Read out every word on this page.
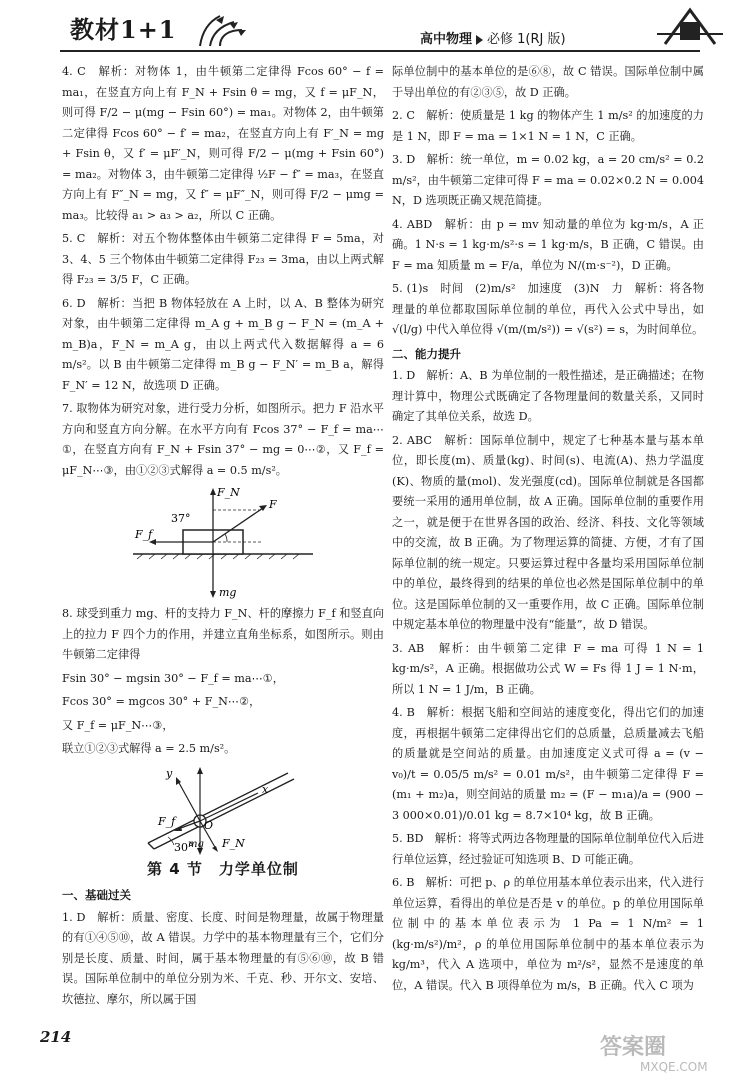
教材1+1	高中物理 必修 1(RJ 版)

4. C　解析：对物体 1，由牛顿第二定律得 Fcos 60° − f = ma₁，在竖直方向上有 F_N + Fsin θ = mg，又 f = μF_N，则可得 F/2 − μ(mg − Fsin 60°) = ma₁。对物体 2，由牛顿第二定律得 Fcos 60° − f′ = ma₂，在竖直方向上有 F′_N = mg + Fsin θ，又 f′ = μF′_N，则可得 F/2 − μ(mg + Fsin 60°) = ma₂。对物体 3，由牛顿第二定律得 ½F − f″ = ma₃，在竖直方向上有 F″_N = mg，又 f″ = μF″_N，则可得 F/2 − μmg = ma₃。比较得 a₁ > a₃ > a₂，所以 C 正确。

5. C　解析：对五个物体整体由牛顿第二定律得 F = 5ma，对 3、4、5 三个物体由牛顿第二定律得 F₂₃ = 3ma，由以上两式解得 F₂₃ = 3/5 F，C 正确。

6. D　解析：当把 B 物体轻放在 A 上时，以 A、B 整体为研究对象，由牛顿第二定律得 m_A g + m_B g − F_N = (m_A + m_B)a，F_N = m_A g，由以上两式代入数据解得 a = 6 m/s²。以 B 由牛顿第二定律得 m_B g − F_N′ = m_B a，解得 F_N′ = 12 N，故选项 D 正确。

7. 取物体为研究对象，进行受力分析，如图所示。把力 F 沿水平方向和竖直方向分解。在水平方向有 Fcos 37° − F_f = ma⋯①，在竖直方向有 F_N + Fsin 37° − mg = 0⋯②，又 F_f = μF_N⋯③，由①②③式解得 a = 0.5 m/s²。

F_N
37°
F
F_f
mg

8. 球受到重力 mg、杆的支持力 F_N、杆的摩擦力 F_f 和竖直向上的拉力 F 四个力的作用，并建立直角坐标系，如图所示。则由牛顿第二定律得

Fsin 30° − mgsin 30° − F_f = ma⋯①，

Fcos 30° = mgcos 30° + F_N⋯②，

又 F_f = μF_N⋯③，

联立①②③式解得 a = 2.5 m/s²。

y
x
F_f	O
30°
mg F_N
第 4 节　力学单位制
一、基础过关

1. D　解析：质量、密度、长度、时间是物理量，故属于物理量的有①④⑤⑩，故 A 错误。力学中的基本物理量有三个，它们分别是长度、质量、时间，属于基本物理量的有⑤⑥⑩，故 B 错误。国际单位制中的单位分别为米、千克、秒、开尔文、安培、坎德拉、摩尔，所以属于国

际单位制中的基本单位的是⑥⑧，故 C 错误。国际单位制中属于导出单位的有②③⑤，故 D 正确。

2. C　解析：使质量是 1 kg 的物体产生 1 m/s² 的加速度的力是 1 N，即 F = ma = 1×1 N = 1 N，C 正确。

3. D　解析：统一单位，m = 0.02 kg，a = 20 cm/s² = 0.2 m/s²，由牛顿第二定律可得 F = ma = 0.02×0.2 N = 0.004 N，D 选项既正确又规范简捷。

4. ABD　解析：由 p = mv 知动量的单位为 kg·m/s，A 正确。1 N·s = 1 kg·m/s²·s = 1 kg·m/s，B 正确，C 错误。由 F = ma 知质量 m = F/a，单位为 N/(m·s⁻²)，D 正确。

5. (1)s　时间　(2)m/s²　加速度　(3)N　力　解析：将各物理量的单位都取国际单位制的单位，再代入公式中导出，如 √(l/g) 中代入单位得 √(m/(m/s²)) = √(s²) = s，为时间单位。

二、能力提升

1. D　解析：A、B 为单位制的一般性描述，是正确描述；在物理计算中，物理公式既确定了各物理量间的数量关系，又同时确定了其单位关系，故选 D。

2. ABC　解析：国际单位制中，规定了七种基本量与基本单位，即长度(m)、质量(kg)、时间(s)、电流(A)、热力学温度(K)、物质的量(mol)、发光强度(cd)。国际单位制就是各国都要统一采用的通用单位制，故 A 正确。国际单位制的重要作用之一，就是便于在世界各国的政治、经济、科技、文化等领域中的交流，故 B 正确。为了物理运算的简捷、方便，才有了国际单位制的统一规定。只要运算过程中各量均采用国际单位制中的单位，最终得到的结果的单位也必然是国际单位制中的单位。这是国际单位制的又一重要作用，故 C 正确。国际单位制中规定基本单位的物理量中没有“能量”，故 D 错误。

3. AB　解析：由牛顿第二定律 F = ma 可得 1 N = 1 kg·m/s²，A 正确。根据做功公式 W = Fs 得 1 J = 1 N·m，所以 1 N = 1 J/m，B 正确。

4. B　解析：根据飞船和空间站的速度变化，得出它们的加速度，再根据牛顿第二定律得出它们的总质量，总质量减去飞船的质量就是空间站的质量。由加速度定义式可得 a = (v − v₀)/t = 0.05/5 m/s² = 0.01 m/s²，由牛顿第二定律得 F = (m₁ + m₂)a，则空间站的质量 m₂ = (F − m₁a)/a = (900 − 3 000×0.01)/0.01 kg = 8.7×10⁴ kg，故 B 正确。

5. BD　解析：将等式两边各物理量的国际单位制单位代入后进行单位运算，经过验证可知选项 B、D 可能正确。

6. B　解析：可把 p、ρ 的单位用基本单位表示出来，代入进行单位运算，看得出的单位是否是 v 的单位。p 的单位用国际单位制中的基本单位表示为 1 Pa = 1 N/m² = 1 (kg·m/s²)/m²，ρ 的单位用国际单位制中的基本单位表示为 kg/m³，代入 A 选项中，单位为 m²/s²，显然不是速度的单位，A 错误。代入 B 项得单位为 m/s，B 正确。代入 C 项为

214	答案圈
MXQE.COM
